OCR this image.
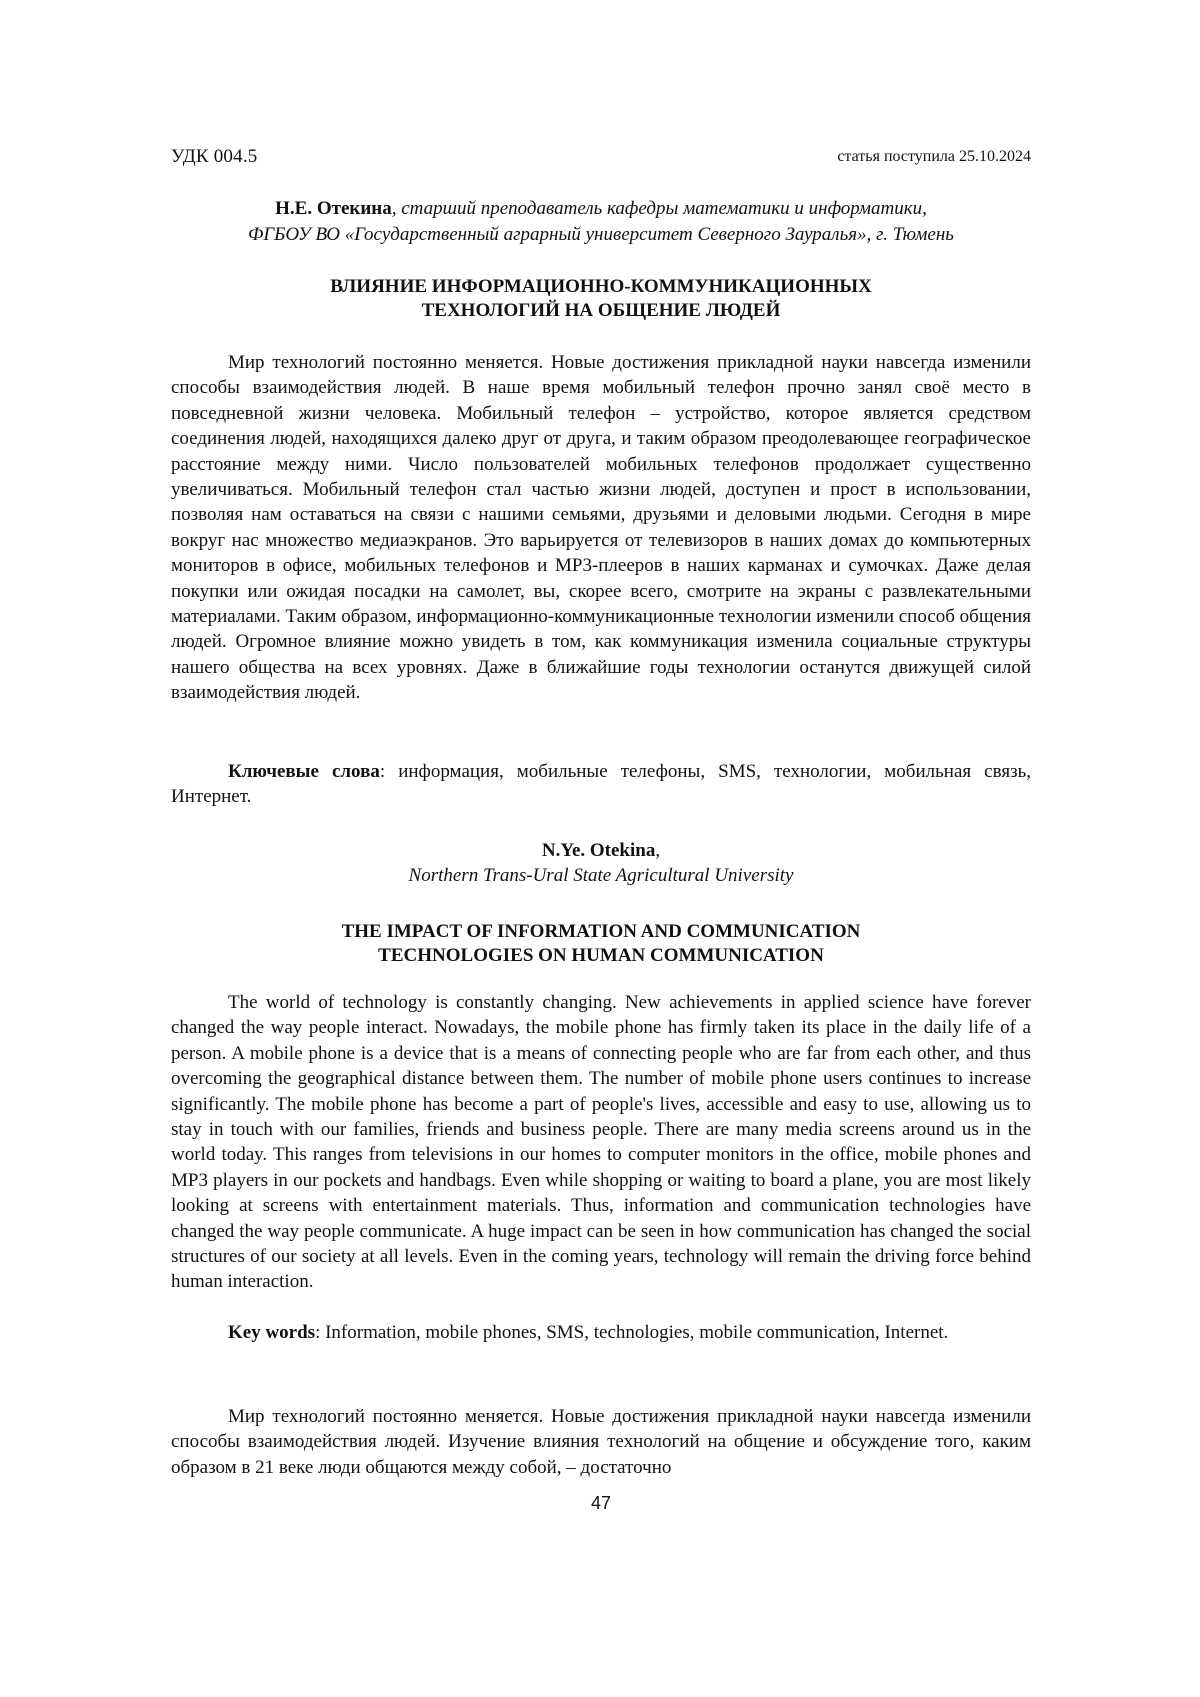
УДК 004.5	статья поступила 25.10.2024
Н.Е. Отекина, старший преподаватель кафедры математики и информатики,
ФГБОУ ВО «Государственный аграрный университет Северного Зауралья», г. Тюмень
ВЛИЯНИЕ ИНФОРМАЦИОННО-КОММУНИКАЦИОННЫХ
ТЕХНОЛОГИЙ НА ОБЩЕНИЕ ЛЮДЕЙ

Мир технологий постоянно меняется. Новые достижения прикладной науки навсегда изменили способы взаимодействия людей. В наше время мобильный телефон прочно занял своё место в повседневной жизни человека. Мобильный телефон – устройство, которое является средством соединения людей, находящихся далеко друг от друга, и таким образом преодолевающее географическое расстояние между ними. Число пользователей мобильных телефонов продолжает существенно увеличиваться. Мобильный телефон стал частью жизни людей, доступен и прост в использовании, позволяя нам оставаться на связи с нашими семьями, друзьями и деловыми людьми. Сегодня в мире вокруг нас множество медиаэкранов. Это варьируется от телевизоров в наших домах до компьютерных мониторов в офисе, мобильных телефонов и MP3-плееров в наших карманах и сумочках. Даже делая покупки или ожидая посадки на самолет, вы, скорее всего, смотрите на экраны с развлекательными материалами. Таким образом, информационно-коммуникационные технологии изменили способ общения людей. Огромное влияние можно увидеть в том, как коммуникация изменила социальные структуры нашего общества на всех уровнях. Даже в ближайшие годы технологии останутся движущей силой взаимодействия людей.

Ключевые слова: информация, мобильные телефоны, SMS, технологии, мобильная связь, Интернет.

N.Ye. Otekina,
Northern Trans-Ural State Agricultural University
THE IMPACT OF INFORMATION AND COMMUNICATION
TECHNOLOGIES ON HUMAN COMMUNICATION

The world of technology is constantly changing. New achievements in applied science have forever changed the way people interact. Nowadays, the mobile phone has firmly taken its place in the daily life of a person. A mobile phone is a device that is a means of connecting people who are far from each other, and thus overcoming the geographical distance between them. The number of mobile phone users continues to increase significantly. The mobile phone has become a part of people's lives, accessible and easy to use, allowing us to stay in touch with our families, friends and business people. There are many media screens around us in the world today. This ranges from televisions in our homes to computer monitors in the office, mobile phones and MP3 players in our pockets and handbags. Even while shopping or waiting to board a plane, you are most likely looking at screens with entertainment materials. Thus, information and communication technologies have changed the way people communicate. A huge impact can be seen in how communication has changed the social structures of our society at all levels. Even in the coming years, technology will remain the driving force behind human interaction.

Key words: Information, mobile phones, SMS, technologies, mobile communication, Internet.

Мир технологий постоянно меняется. Новые достижения прикладной науки навсегда изменили способы взаимодействия людей. Изучение влияния технологий на общение и обсуждение того, каким образом в 21 веке люди общаются между собой, – достаточно

47
